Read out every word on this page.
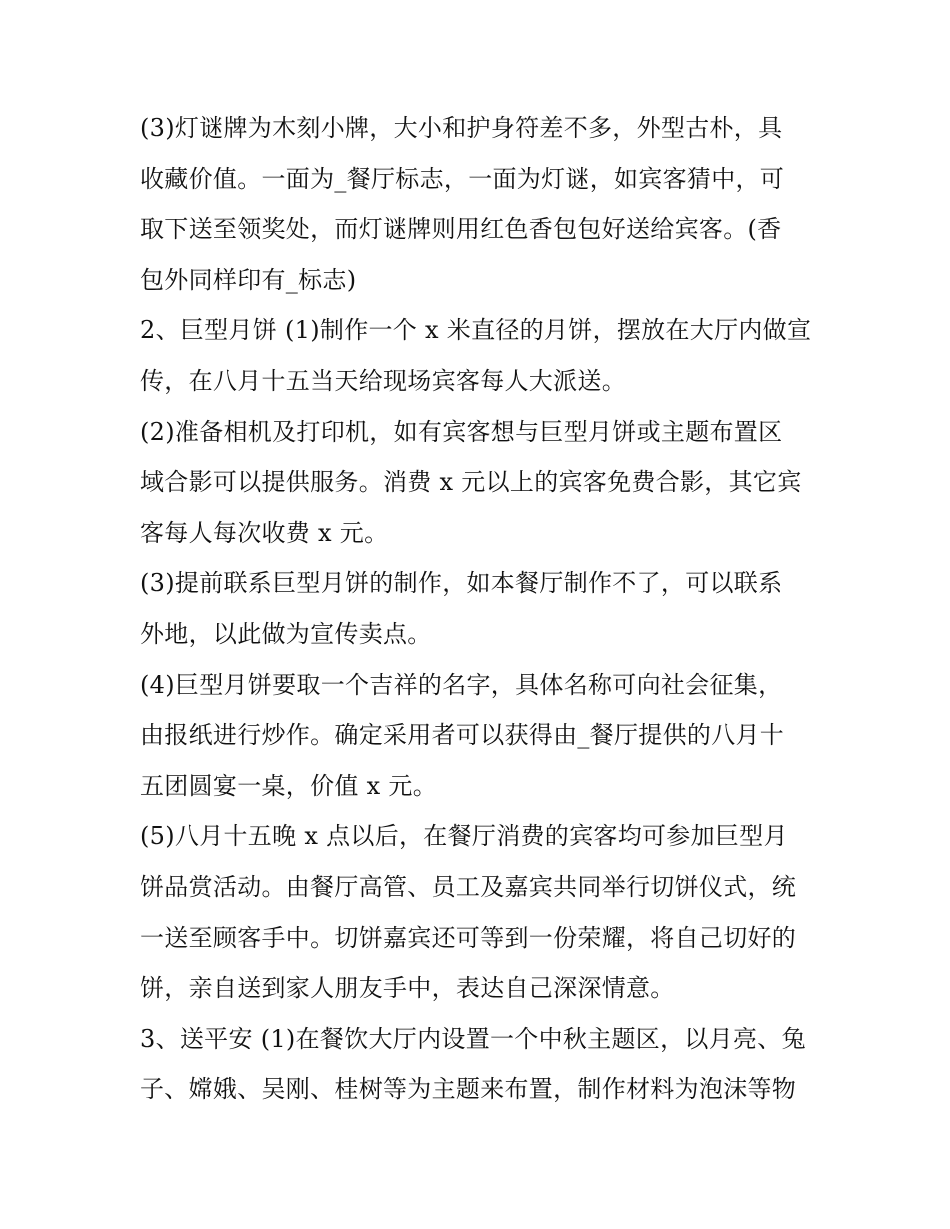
(3)灯谜牌为木刻小牌，大小和护身符差不多，外型古朴，具
收藏价值。一面为_餐厅标志，一面为灯谜，如宾客猜中，可
取下送至领奖处，而灯谜牌则用红色香包包好送给宾客。(香
包外同样印有_标志)
2、巨型月饼 (1)制作一个 x 米直径的月饼，摆放在大厅内做宣
传，在八月十五当天给现场宾客每人大派送。
(2)准备相机及打印机，如有宾客想与巨型月饼或主题布置区
域合影可以提供服务。消费 x 元以上的宾客免费合影，其它宾
客每人每次收费 x 元。
(3)提前联系巨型月饼的制作，如本餐厅制作不了，可以联系
外地，以此做为宣传卖点。
(4)巨型月饼要取一个吉祥的名字，具体名称可向社会征集，
由报纸进行炒作。确定采用者可以获得由_餐厅提供的八月十
五团圆宴一桌，价值 x 元。
(5)八月十五晚 x 点以后，在餐厅消费的宾客均可参加巨型月
饼品赏活动。由餐厅高管、员工及嘉宾共同举行切饼仪式，统
一送至顾客手中。切饼嘉宾还可等到一份荣耀，将自己切好的
饼，亲自送到家人朋友手中，表达自己深深情意。
3、送平安 (1)在餐饮大厅内设置一个中秋主题区，以月亮、兔
子、嫦娥、吴刚、桂树等为主题来布置，制作材料为泡沫等物
